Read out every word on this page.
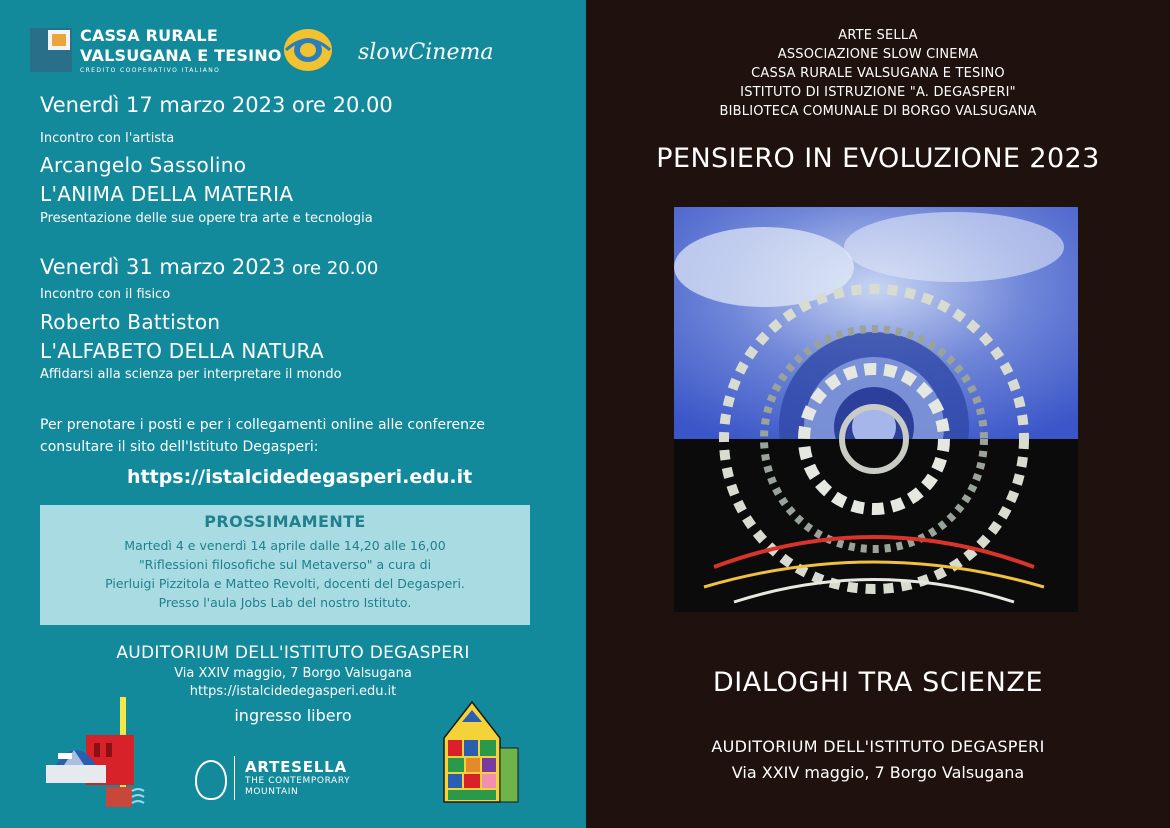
CASSA RURALE
VALSUGANA E TESINO
CREDITO COOPERATIVO ITALIANO
slowCinema
Venerdì 17 marzo 2023 ore 20.00
Incontro con l'artista
Arcangelo Sassolino
L'ANIMA DELLA MATERIA
Presentazione delle sue opere tra arte e tecnologia
Venerdì 31 marzo 2023 ore 20.00
Incontro con il fisico
Roberto Battiston
L'ALFABETO DELLA NATURA
Affidarsi alla scienza per interpretare il mondo
Per prenotare i posti e per i collegamenti online alle conferenze
consultare il sito dell'Istituto Degasperi:
https://istalcidedegasperi.edu.it
PROSSIMAMENTE
Martedì 4 e venerdì 14 aprile dalle 14,20 alle 16,00
"Riflessioni filosofiche sul Metaverso" a cura di
Pierluigi Pizzitola e Matteo Revolti, docenti del Degasperi.
Presso l'aula Jobs Lab del nostro Istituto.
AUDITORIUM DELL'ISTITUTO DEGASPERI
Via XXIV maggio, 7 Borgo Valsugana
https://istalcidedegasperi.edu.it
ingresso libero
ARTESELLA
THE CONTEMPORARY
MOUNTAIN
ARTE SELLA
ASSOCIAZIONE SLOW CINEMA
CASSA RURALE VALSUGANA E TESINO
ISTITUTO DI ISTRUZIONE "A. DEGASPERI"
BIBLIOTECA COMUNALE DI BORGO VALSUGANA
PENSIERO IN EVOLUZIONE 2023
DIALOGHI TRA SCIENZE
AUDITORIUM DELL'ISTITUTO DEGASPERI
Via XXIV maggio, 7 Borgo Valsugana
